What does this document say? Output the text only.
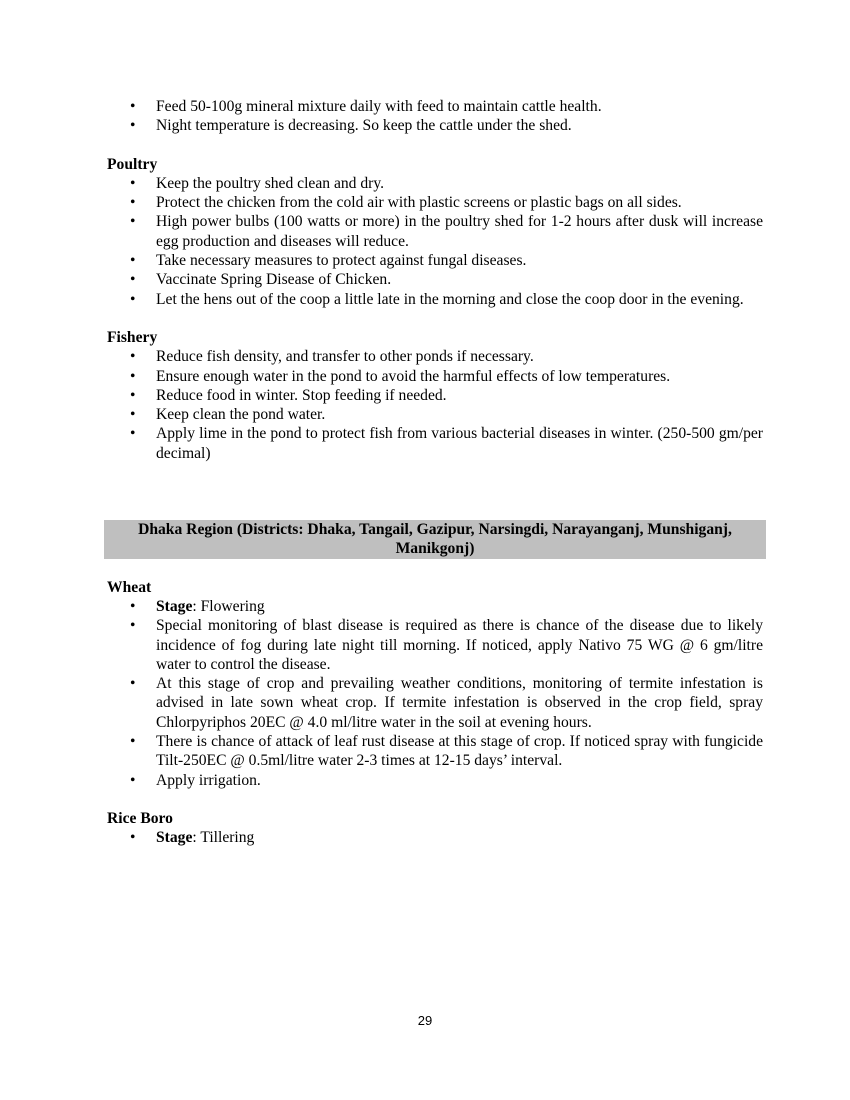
• Feed 50-100g mineral mixture daily with feed to maintain cattle health.
• Night temperature is decreasing. So keep the cattle under the shed.

Poultry

• Keep the poultry shed clean and dry.
• Protect the chicken from the cold air with plastic screens or plastic bags on all sides.
• High power bulbs (100 watts or more) in the poultry shed for 1-2 hours after dusk will increase egg production and diseases will reduce.
• Take necessary measures to protect against fungal diseases.
• Vaccinate Spring Disease of Chicken.
• Let the hens out of the coop a little late in the morning and close the coop door in the evening.

Fishery

• Reduce fish density, and transfer to other ponds if necessary.
• Ensure enough water in the pond to avoid the harmful effects of low temperatures.
• Reduce food in winter. Stop feeding if needed.
• Keep clean the pond water.
• Apply lime in the pond to protect fish from various bacterial diseases in winter. (250-500 gm/per decimal)
Dhaka Region (Districts: Dhaka, Tangail, Gazipur, Narsingdi, Narayanganj, Munshiganj, Manikgonj)

Wheat

• Stage: Flowering
• Special monitoring of blast disease is required as there is chance of the disease due to likely incidence of fog during late night till morning. If noticed, apply Nativo 75 WG @ 6 gm/litre water to control the disease.
• At this stage of crop and prevailing weather conditions, monitoring of termite infestation is advised in late sown wheat crop. If termite infestation is observed in the crop field, spray Chlorpyriphos 20EC @ 4.0 ml/litre water in the soil at evening hours.
• There is chance of attack of leaf rust disease at this stage of crop. If noticed spray with fungicide Tilt-250EC @ 0.5ml/litre water 2-3 times at 12-15 days’ interval.
• Apply irrigation.

Rice Boro

• Stage: Tillering
29
